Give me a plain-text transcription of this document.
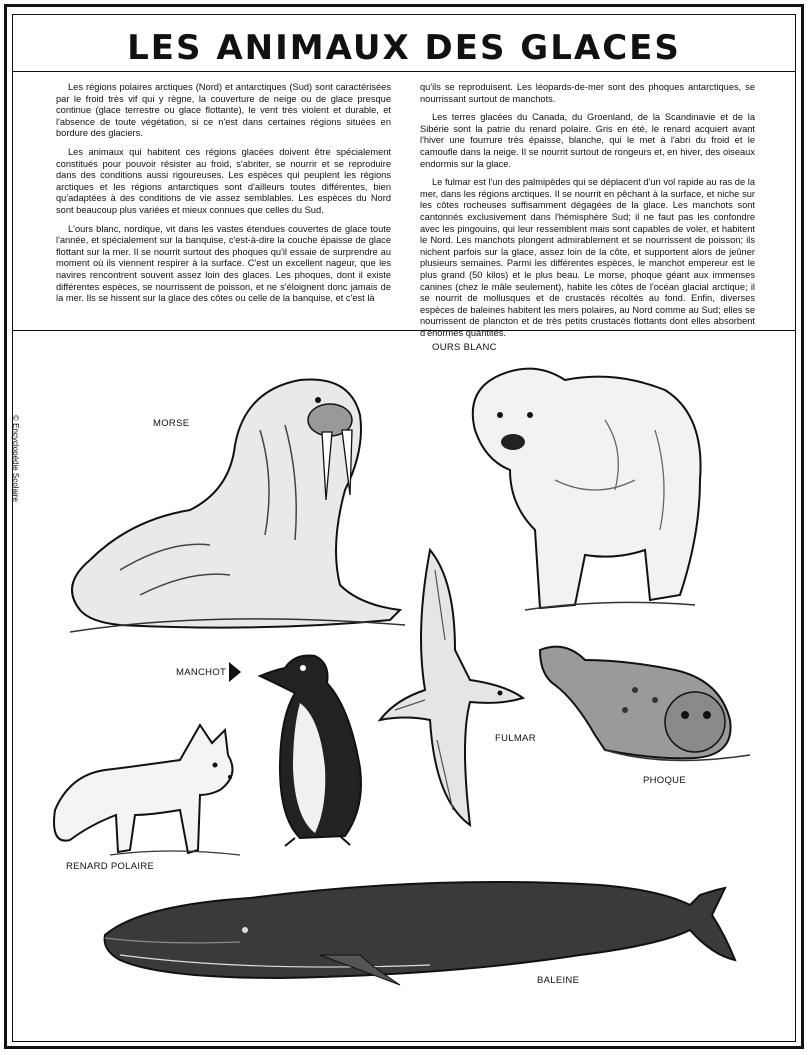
LES ANIMAUX DES GLACES

Les régions polaires arctiques (Nord) et antarctiques (Sud) sont caractérisées par le froid très vif qui y règne, la couverture de neige ou de glace presque continue (glace terrestre ou glace flottante), le vent très violent et durable, et l'absence de toute végétation, si ce n'est dans certaines régions situées en bordure des glaciers.

Les animaux qui habitent ces régions glacées doivent être spécialement constitués pour pouvoir résister au froid, s'abriter, se nourrir et se reproduire dans des conditions aussi rigoureuses. Les espèces qui peuplent les régions arctiques et les régions antarctiques sont d'ailleurs toutes différentes, bien qu'adaptées à des conditions de vie assez semblables. Les espèces du Nord sont beaucoup plus variées et mieux connues que celles du Sud.

L'ours blanc, nordique, vit dans les vastes étendues couvertes de glace toute l'année, et spécialement sur la banquise, c'est-à-dire la couche épaisse de glace flottant sur la mer. Il se nourrit surtout des phoques qu'il essaie de surprendre au moment où ils viennent respirer à la surface. C'est un excellent nageur, que les navires rencontrent souvent assez loin des glaces. Les phoques, dont il existe différentes espèces, se nourrissent de poisson, et ne s'éloignent donc jamais de la mer. Ils se hissent sur la glace des côtes ou celle de la banquise, et c'est là

qu'ils se reproduisent. Les léopards-de-mer sont des phoques antarctiques, se nourrissant surtout de manchots.

Les terres glacées du Canada, du Groenland, de la Scandinavie et de la Sibérie sont la patrie du renard polaire. Gris en été, le renard acquiert avant l'hiver une fourrure très épaisse, blanche, qui le met à l'abri du froid et le camoufle dans la neige. Il se nourrit surtout de rongeurs et, en hiver, des oiseaux endormis sur la glace.

Le fulmar est l'un des palmipèdes qui se déplacent d'un vol rapide au ras de la mer, dans les régions arctiques. Il se nourrit en pêchant à la surface, et niche sur les côtes rocheuses suffisamment dégagées de la glace. Les manchots sont cantonnés exclusivement dans l'hémisphère Sud; il ne faut pas les confondre avec les pingouins, qui leur ressemblent mais sont capables de voler, et habitent le Nord. Les manchots plongent admirablement et se nourrissent de poisson; ils nichent parfois sur la glace, assez loin de la côte, et supportent alors de jeûner plusieurs semaines. Parmi les différentes espèces, le manchot empereur est le plus grand (50 kilos) et le plus beau. Le morse, phoque géant aux immenses canines (chez le mâle seulement), habite les côtes de l'océan glacial arctique; il se nourrit de mollusques et de crustacés récoltés au fond. Enfin, diverses espèces de baleines habitent les mers polaires, au Nord comme au Sud; elles se nourrissent de plancton et de très petits crustacés flottants dont elles absorbent d'énormes quantités.

© Encyclopédie Scolaire
OURS BLANC
MORSE
MANCHOT
FULMAR
PHOQUE
RENARD POLAIRE
BALEINE
